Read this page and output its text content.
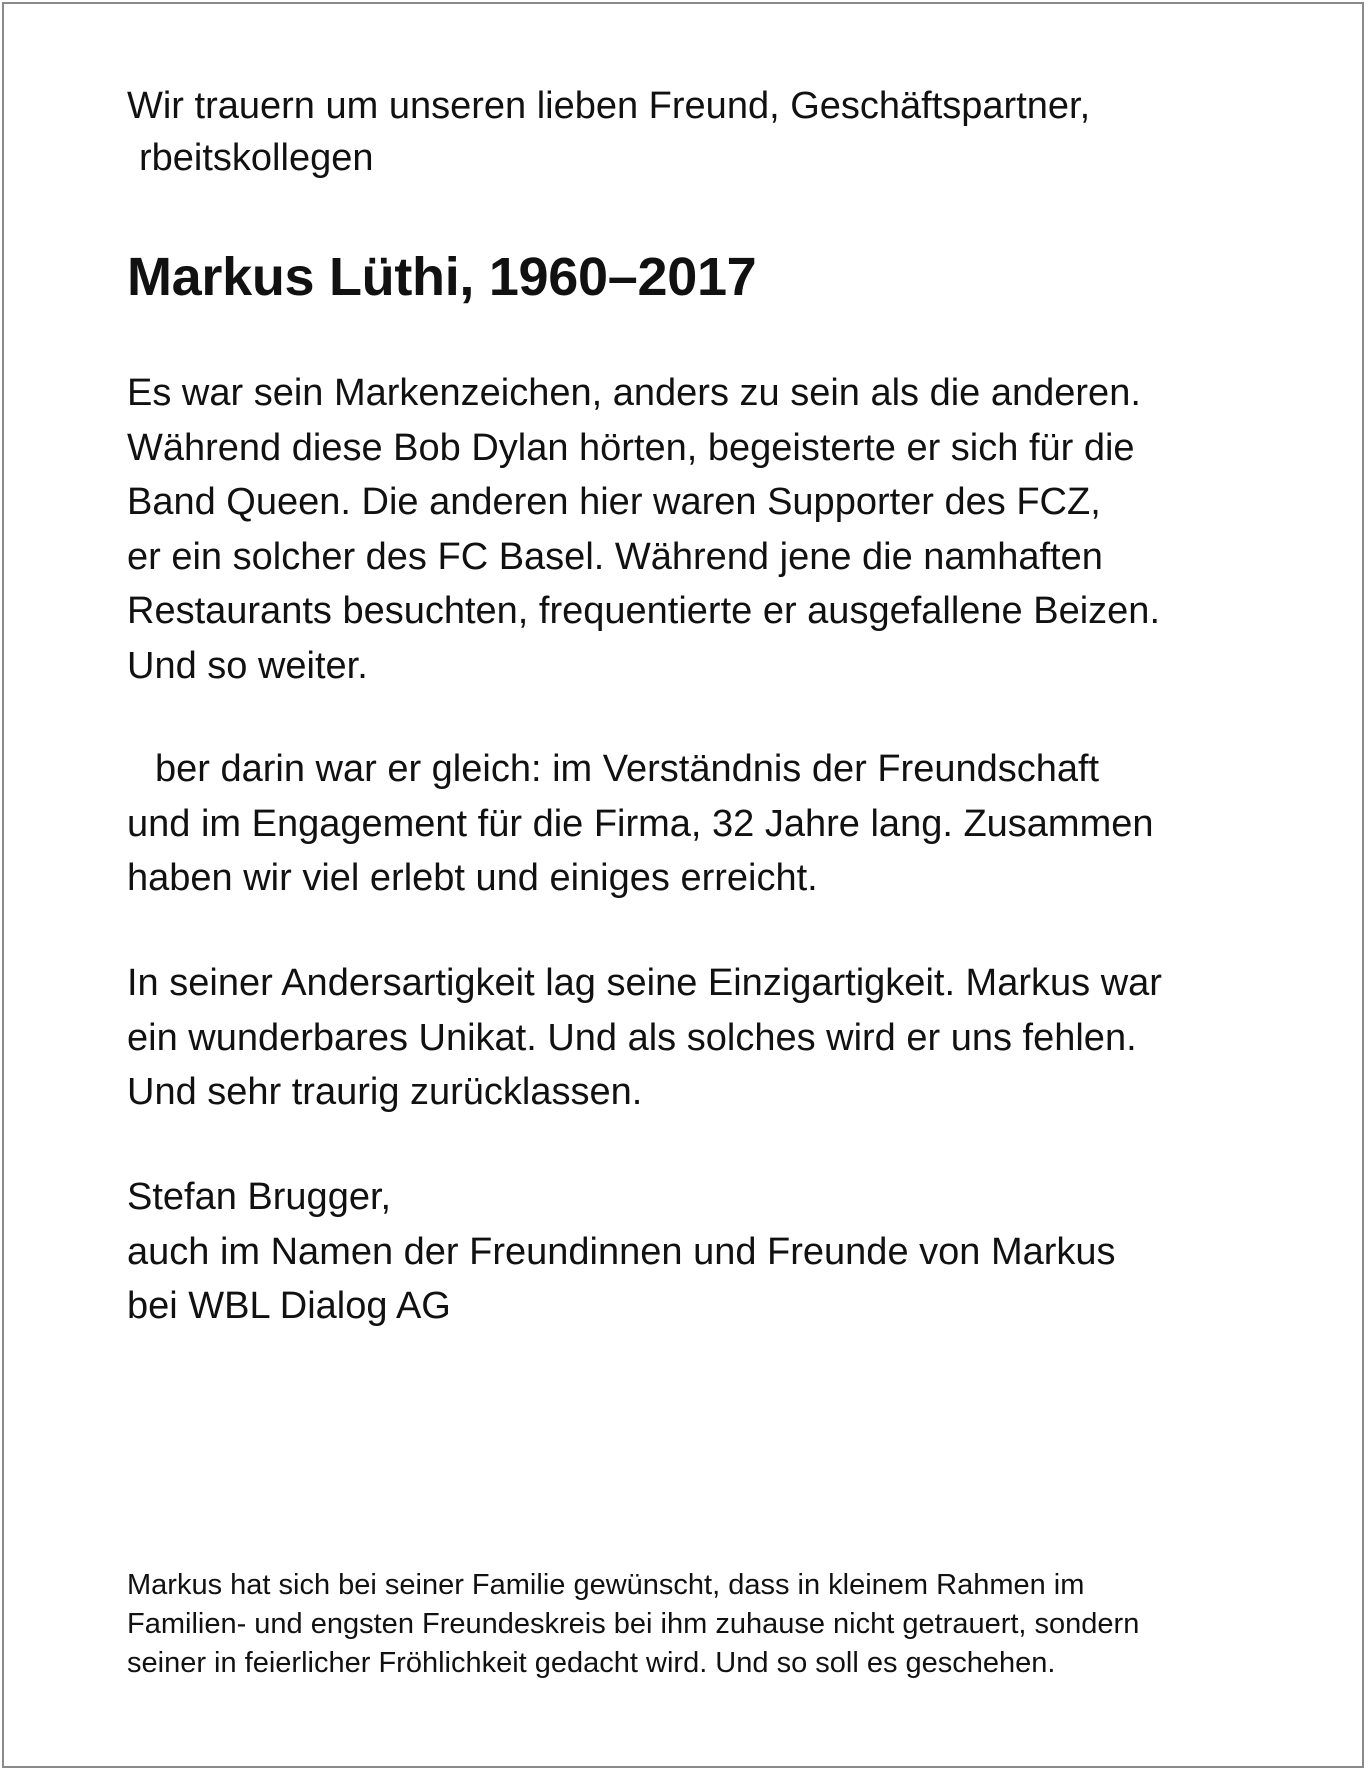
Wir trauern um unseren lieben Freund, Geschäftspartner,
rbeitskollegen

Markus Lüthi, 1960–2017

Es war sein Markenzeichen, anders zu sein als die anderen.
Während diese Bob Dylan hörten, begeisterte er sich für die
Band Queen. Die anderen hier waren Supporter des FCZ,
er ein solcher des FC Basel. Während jene die namhaften
Restaurants besuchten, frequentierte er ausgefallene Beizen.
Und so weiter.

ber darin war er gleich: im Verständnis der Freundschaft
und im Engagement für die Firma, 32 Jahre lang. Zusammen
haben wir viel erlebt und einiges erreicht.

In seiner Andersartigkeit lag seine Einzigartigkeit. Markus war
ein wunderbares Unikat. Und als solches wird er uns fehlen.
Und sehr traurig zurücklassen.

Stefan Brugger,
auch im Namen der Freundinnen und Freunde von Markus
bei WBL Dialog AG

Markus hat sich bei seiner Familie gewünscht, dass in kleinem Rahmen im
Familien- und engsten Freundeskreis bei ihm zuhause nicht getrauert, sondern
seiner in feierlicher Fröhlichkeit gedacht wird. Und so soll es geschehen.
